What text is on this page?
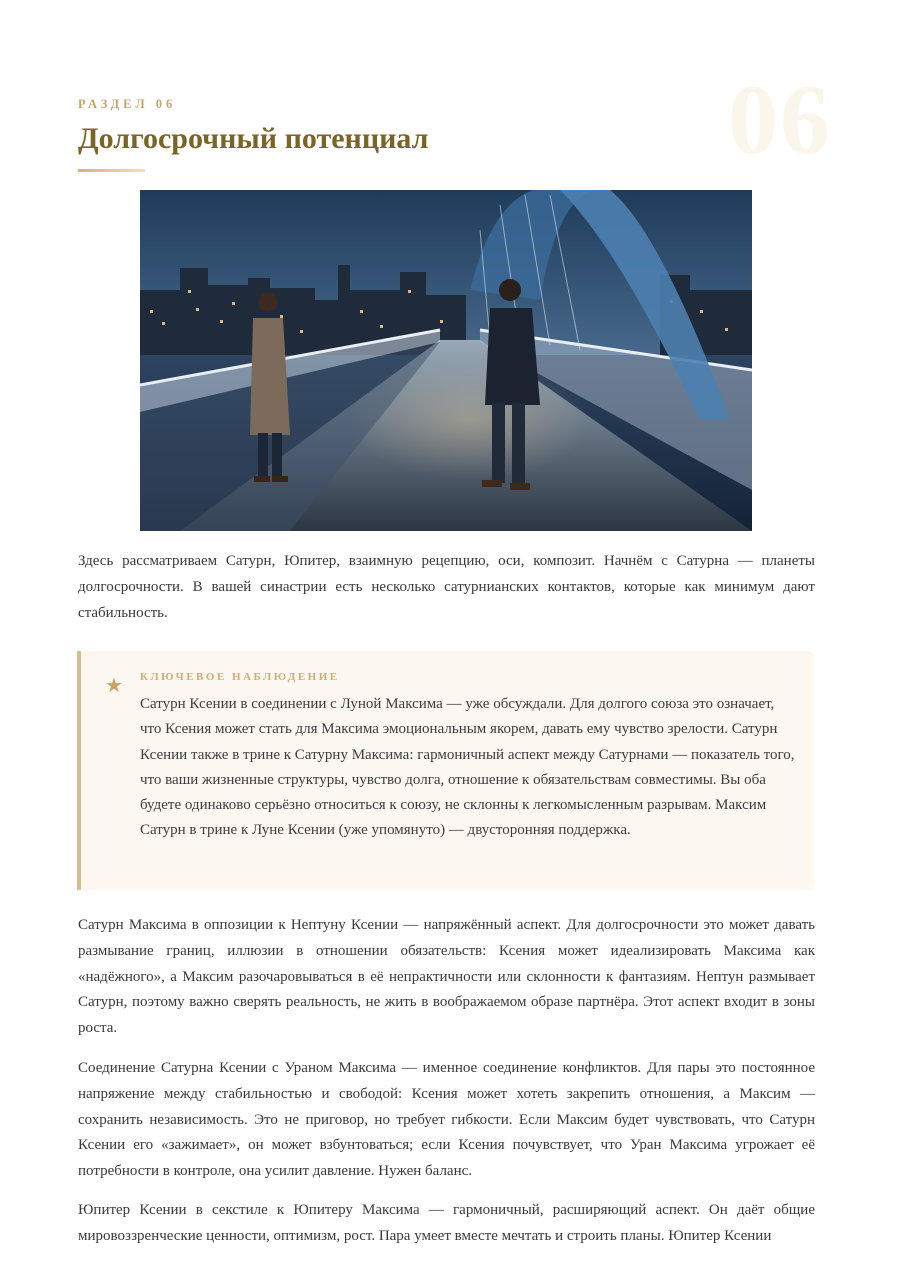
06
РАЗДЕЛ 06
Долгосрочный потенциал

Здесь рассматриваем Сатурн, Юпитер, взаимную рецепцию, оси, композит. Начнём с Сатурна — планеты долгосрочности. В вашей синастрии есть несколько сатурнианских контактов, которые как минимум дают стабильность.

★ КЛЮЧЕВОЕ НАБЛЮДЕНИЕ

Сатурн Ксении в соединении с Луной Максима — уже обсуждали. Для долгого союза это означает, что Ксения может стать для Максима эмоциональным якорем, давать ему чувство зрелости. Сатурн Ксении также в трине к Сатурну Максима: гармоничный аспект между Сатурнами — показатель того, что ваши жизненные структуры, чувство долга, отношение к обязательствам совместимы. Вы оба будете одинаково серьёзно относиться к союзу, не склонны к легкомысленным разрывам. Максим Сатурн в трине к Луне Ксении (уже упомянуто) — двусторонняя поддержка.

Сатурн Максима в оппозиции к Нептуну Ксении — напряжённый аспект. Для долгосрочности это может давать размывание границ, иллюзии в отношении обязательств: Ксения может идеализировать Максима как «надёжного», а Максим разочаровываться в её непрактичности или склонности к фантазиям. Нептун размывает Сатурн, поэтому важно сверять реальность, не жить в воображаемом образе партнёра. Этот аспект входит в зоны роста.

Соединение Сатурна Ксении с Ураном Максима — именное соединение конфликтов. Для пары это постоянное напряжение между стабильностью и свободой: Ксения может хотеть закрепить отношения, а Максим — сохранить независимость. Это не приговор, но требует гибкости. Если Максим будет чувствовать, что Сатурн Ксении его «зажимает», он может взбунтоваться; если Ксения почувствует, что Уран Максима угрожает её потребности в контроле, она усилит давление. Нужен баланс.

Юпитер Ксении в секстиле к Юпитеру Максима — гармоничный, расширяющий аспект. Он даёт общие мировоззренческие ценности, оптимизм, рост. Пара умеет вместе мечтать и строить планы. Юпитер Ксении
